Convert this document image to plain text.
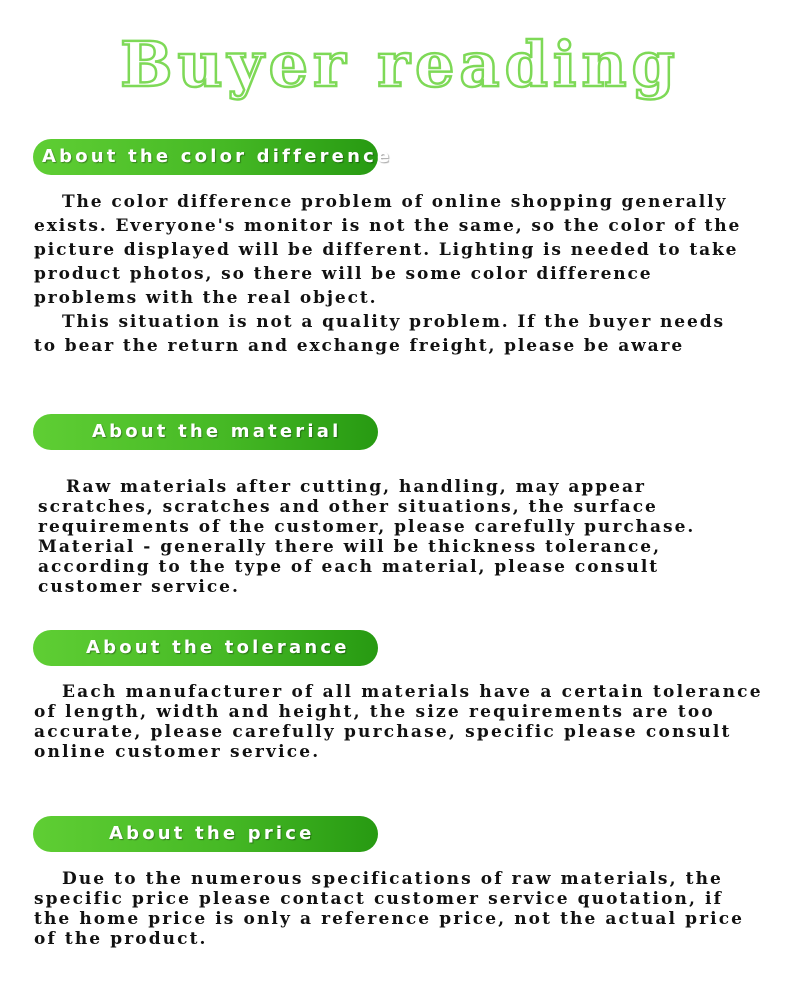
Buyer reading
About the color difference

The color difference problem of online shopping generally exists. Everyone's monitor is not the same, so the color of the picture displayed will be different. Lighting is needed to take product photos, so there will be some color difference problems with the real object.

This situation is not a quality problem. If the buyer needs to bear the return and exchange freight, please be aware

About the material

Raw materials after cutting, handling, may appear scratches, scratches and other situations, the surface requirements of the customer, please carefully purchase. Material - generally there will be thickness tolerance, according to the type of each material, please consult customer service.

About the tolerance

Each manufacturer of all materials have a certain tolerance of length, width and height, the size requirements are too accurate, please carefully purchase, specific please consult online customer service.

About the price

Due to the numerous specifications of raw materials, the specific price please contact customer service quotation, if the home price is only a reference price, not the actual price of the product.
